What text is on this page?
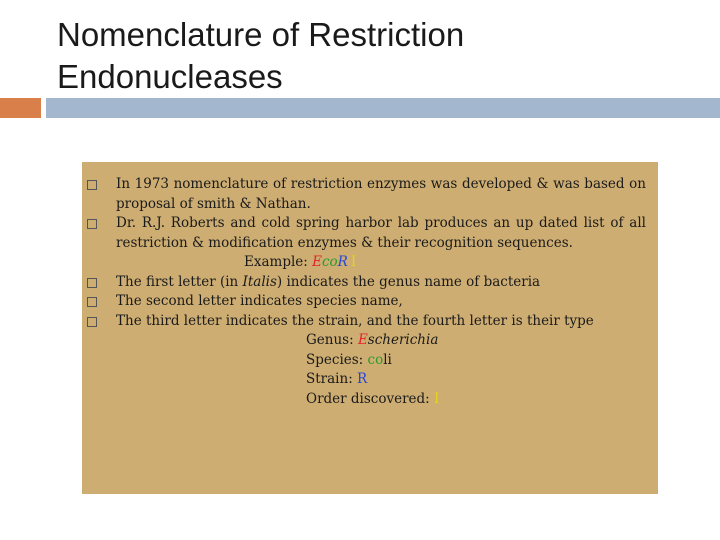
Nomenclature of Restriction
Endonucleases
In 1973 nomenclature of restriction enzymes was developed & was based on proposal of smith & Nathan.
Dr. R.J. Roberts and cold spring harbor lab produces an up dated list of all restriction & modification enzymes & their recognition sequences.
Example: EcoR I
The first letter (in Italis) indicates the genus name of bacteria
The second letter indicates species name,
The third letter indicates the strain, and the fourth letter is their type
Genus: Escherichia
Species: coli
Strain: R
Order discovered: I
